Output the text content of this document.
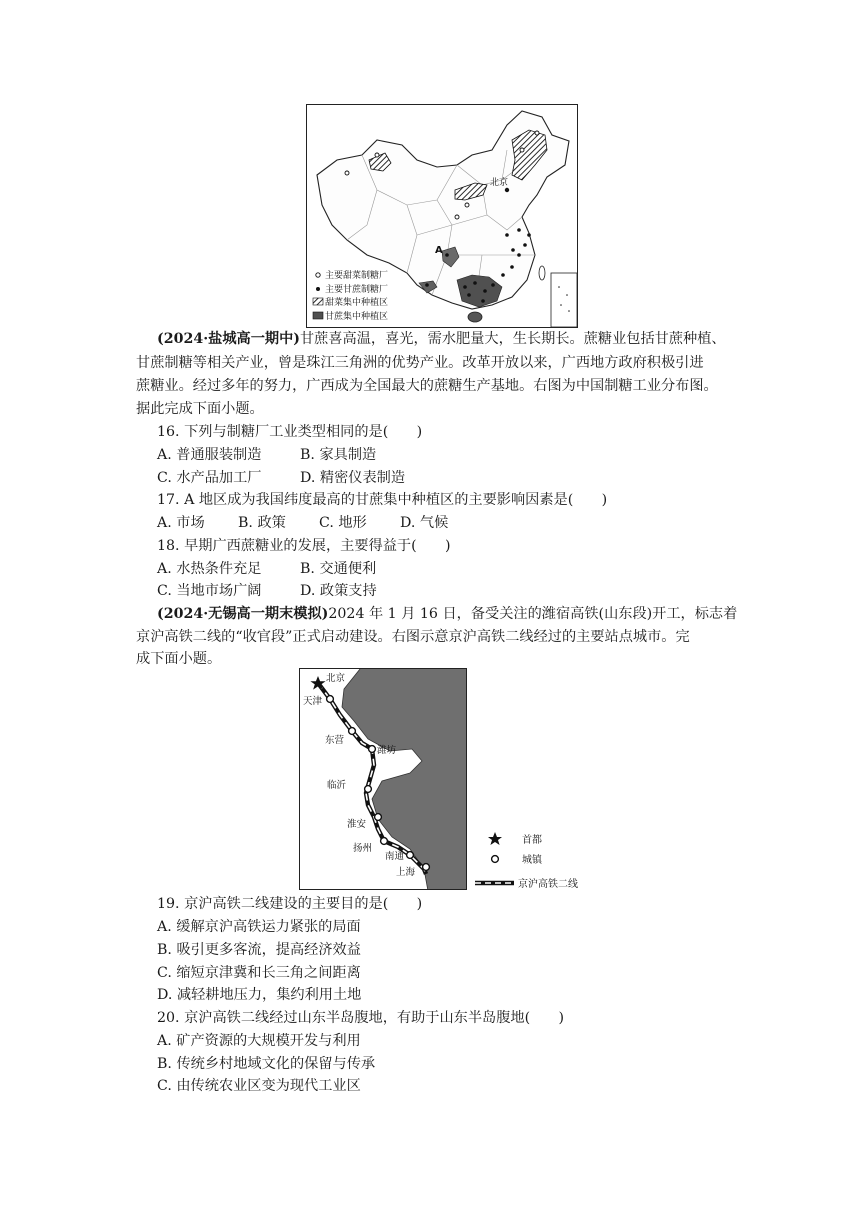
北京
A
主要甜菜制糖厂
主要甘蔗制糖厂
甜菜集中种植区
甘蔗集中种植区
(2024·盐城高一期中)甘蔗喜高温，喜光，需水肥量大，生长期长。蔗糖业包括甘蔗种植、
甘蔗制糖等相关产业，曾是珠江三角洲的优势产业。改革开放以来，广西地方政府积极引进
蔗糖业。经过多年的努力，广西成为全国最大的蔗糖生产基地。右图为中国制糖工业分布图。
据此完成下面小题。
16. 下列与制糖厂工业类型相同的是(　　)
A. 普通服装制造	B. 家具制造
C. 水产品加工厂	D. 精密仪表制造
17. A 地区成为我国纬度最高的甘蔗集中种植区的主要影响因素是(　　)
A. 市场 B. 政策 C. 地形 D. 气候
18. 早期广西蔗糖业的发展，主要得益于(　　)
A. 水热条件充足	B. 交通便利
C. 当地市场广阔	D. 政策支持
(2024·无锡高一期末模拟)2024 年 1 月 16 日，备受关注的潍宿高铁(山东段)开工，标志着
京沪高铁二线的“收官段”正式启动建设。右图示意京沪高铁二线经过的主要站点城市。完
成下面小题。
北京
天津
东营
潍坊
临沂
淮安
扬州
南通
上海
首都
城镇
京沪高铁二线
19. 京沪高铁二线建设的主要目的是(　　)
A. 缓解京沪高铁运力紧张的局面
B. 吸引更多客流，提高经济效益
C. 缩短京津冀和长三角之间距离
D. 减轻耕地压力，集约利用土地
20. 京沪高铁二线经过山东半岛腹地，有助于山东半岛腹地(　　)
A. 矿产资源的大规模开发与利用
B. 传统乡村地域文化的保留与传承
C. 由传统农业区变为现代工业区
